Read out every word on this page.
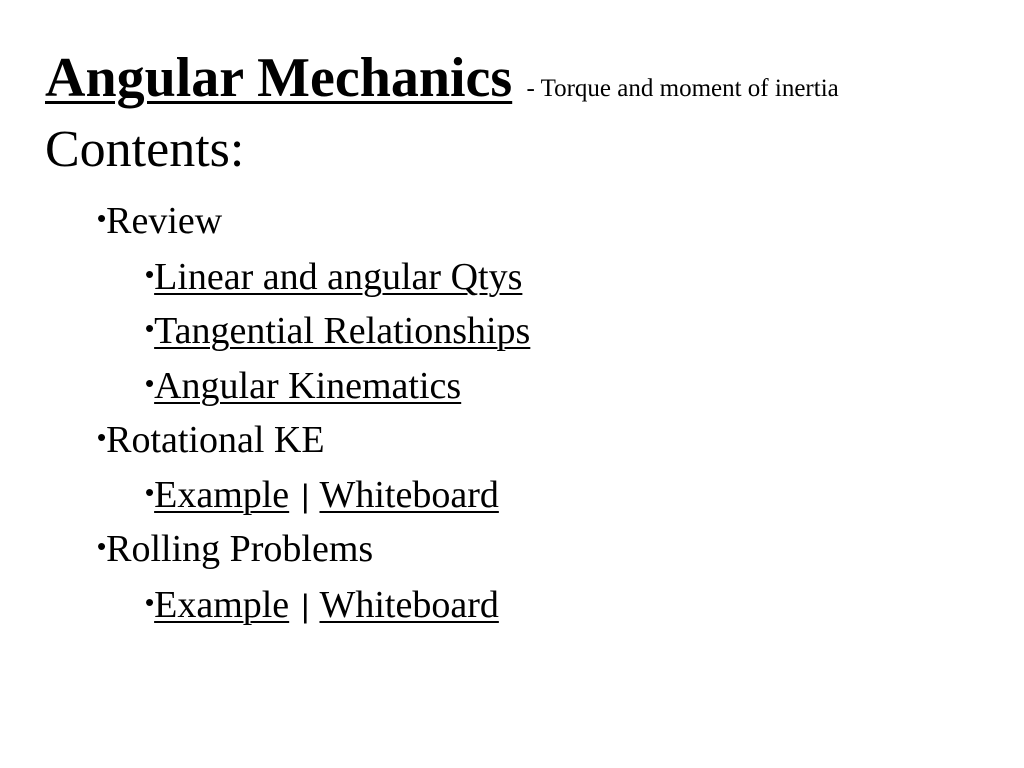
Angular Mechanics - Torque and moment of inertia
Contents:
•Review
•Linear and angular Qtys
•Tangential Relationships
•Angular Kinematics
•Rotational KE
•Example | Whiteboard
•Rolling Problems
•Example | Whiteboard
